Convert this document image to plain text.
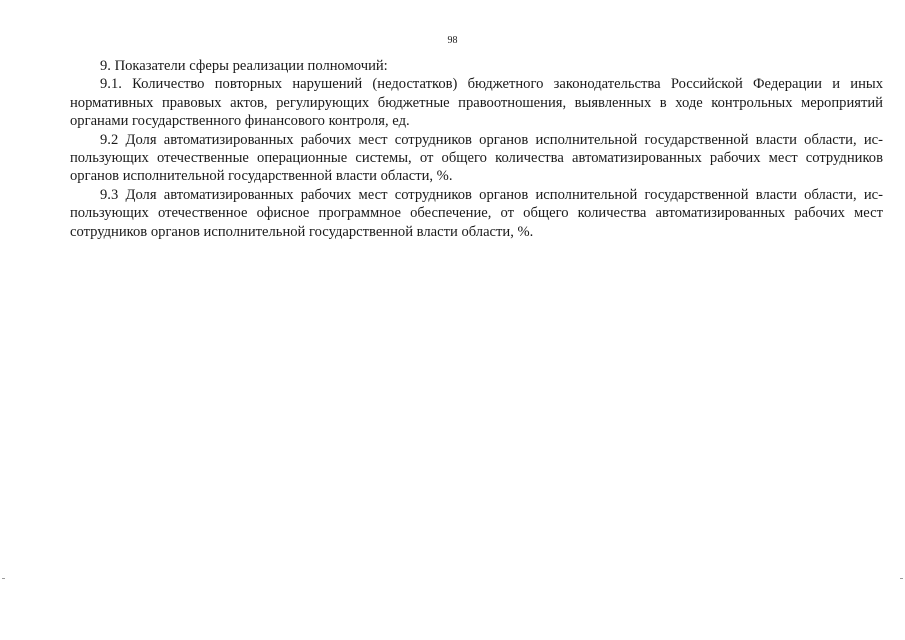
98

9. Показатели сферы реализации полномочий:

9.1. Количество повторных нарушений (недостатков) бюджетного законодательства Российской Федерации и иных нормативных правовых актов, регулирующих бюджетные правоотношения, выявленных в ходе контрольных мероприятий органами государственного финансового контроля, ед.

9.2 Доля автоматизированных рабочих мест сотрудников органов исполнительной государственной власти области, использующих отечественные операционные системы, от общего количества автоматизированных рабочих мест сотрудников органов исполнительной государственной власти области, %.

9.3 Доля автоматизированных рабочих мест сотрудников органов исполнительной государственной власти области, использующих отечественное офисное программное обеспечение, от общего количества автоматизированных рабочих мест сотрудников органов исполнительной государственной власти области, %.
